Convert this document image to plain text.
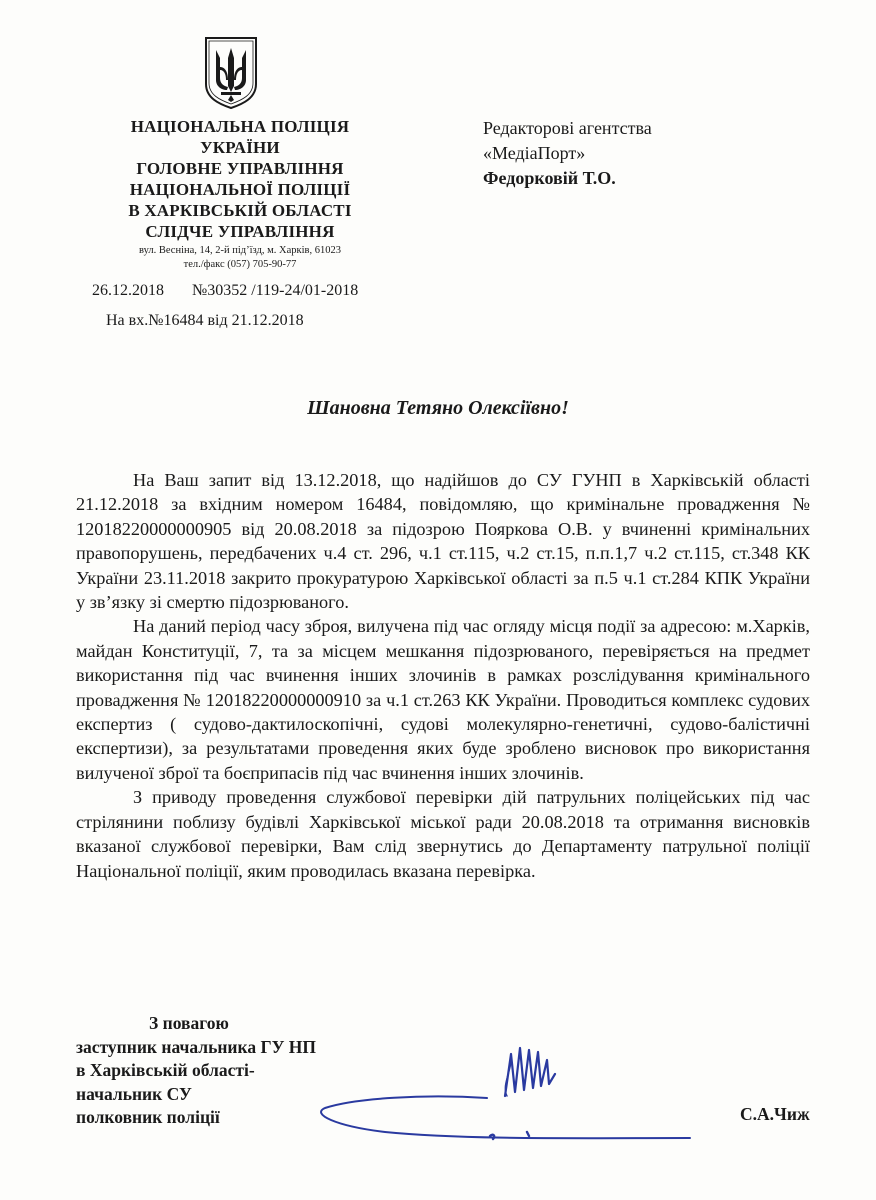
НАЦІОНАЛЬНА ПОЛІЦІЯ
УКРАЇНИ
ГОЛОВНЕ УПРАВЛІННЯ
НАЦІОНАЛЬНОЇ ПОЛІЦІЇ
В ХАРКІВСЬКІЙ ОБЛАСТІ
СЛІДЧЕ УПРАВЛІННЯ
вул. Весніна, 14, 2-й під’їзд, м. Харків, 61023
тел./факс (057) 705-90-77
26.12.2018 №30352 /119-24/01-2018
На вх.№16484 від 21.12.2018
Редакторові агентства
«МедіаПорт»
Федорковій Т.О.
Шановна Тетяно Олексіївно!

На Ваш запит від 13.12.2018, що надійшов до СУ ГУНП в Харківській області 21.12.2018 за вхідним номером 16484, повідомляю, що кримінальне провадження № 12018220000000905 від 20.08.2018 за підозрою Пояркова О.В. у вчиненні кримінальних правопорушень, передбачених ч.4 ст. 296, ч.1 ст.115, ч.2 ст.15, п.п.1,7 ч.2 ст.115, ст.348 КК України 23.11.2018 закрито прокуратурою Харківської області за п.5 ч.1 ст.284 КПК України у зв’язку зі смертю підозрюваного.

На даний період часу зброя, вилучена під час огляду місця події за адресою: м.Харків, майдан Конституції, 7, та за місцем мешкання підозрюваного, перевіряється на предмет використання під час вчинення інших злочинів в рамках розслідування кримінального провадження № 12018220000000910 за ч.1 ст.263 КК України. Проводиться комплекс судових експертиз ( судово-дактилоскопічні, судові молекулярно-генетичні, судово-балістичні експертизи), за результатами проведення яких буде зроблено висновок про використання вилученої зброї та боєприпасів під час вчинення інших злочинів.

З приводу проведення службової перевірки дій патрульних поліцейських під час стрілянини поблизу будівлі Харківської міської ради 20.08.2018 та отримання висновків вказаної службової перевірки, Вам слід звернутись до Департаменту патрульної поліції Національної поліції, яким проводилась вказана перевірка.

З повагою
заступник начальника ГУ НП
в Харківській області-
начальник СУ
полковник поліції	С.А.Чиж
